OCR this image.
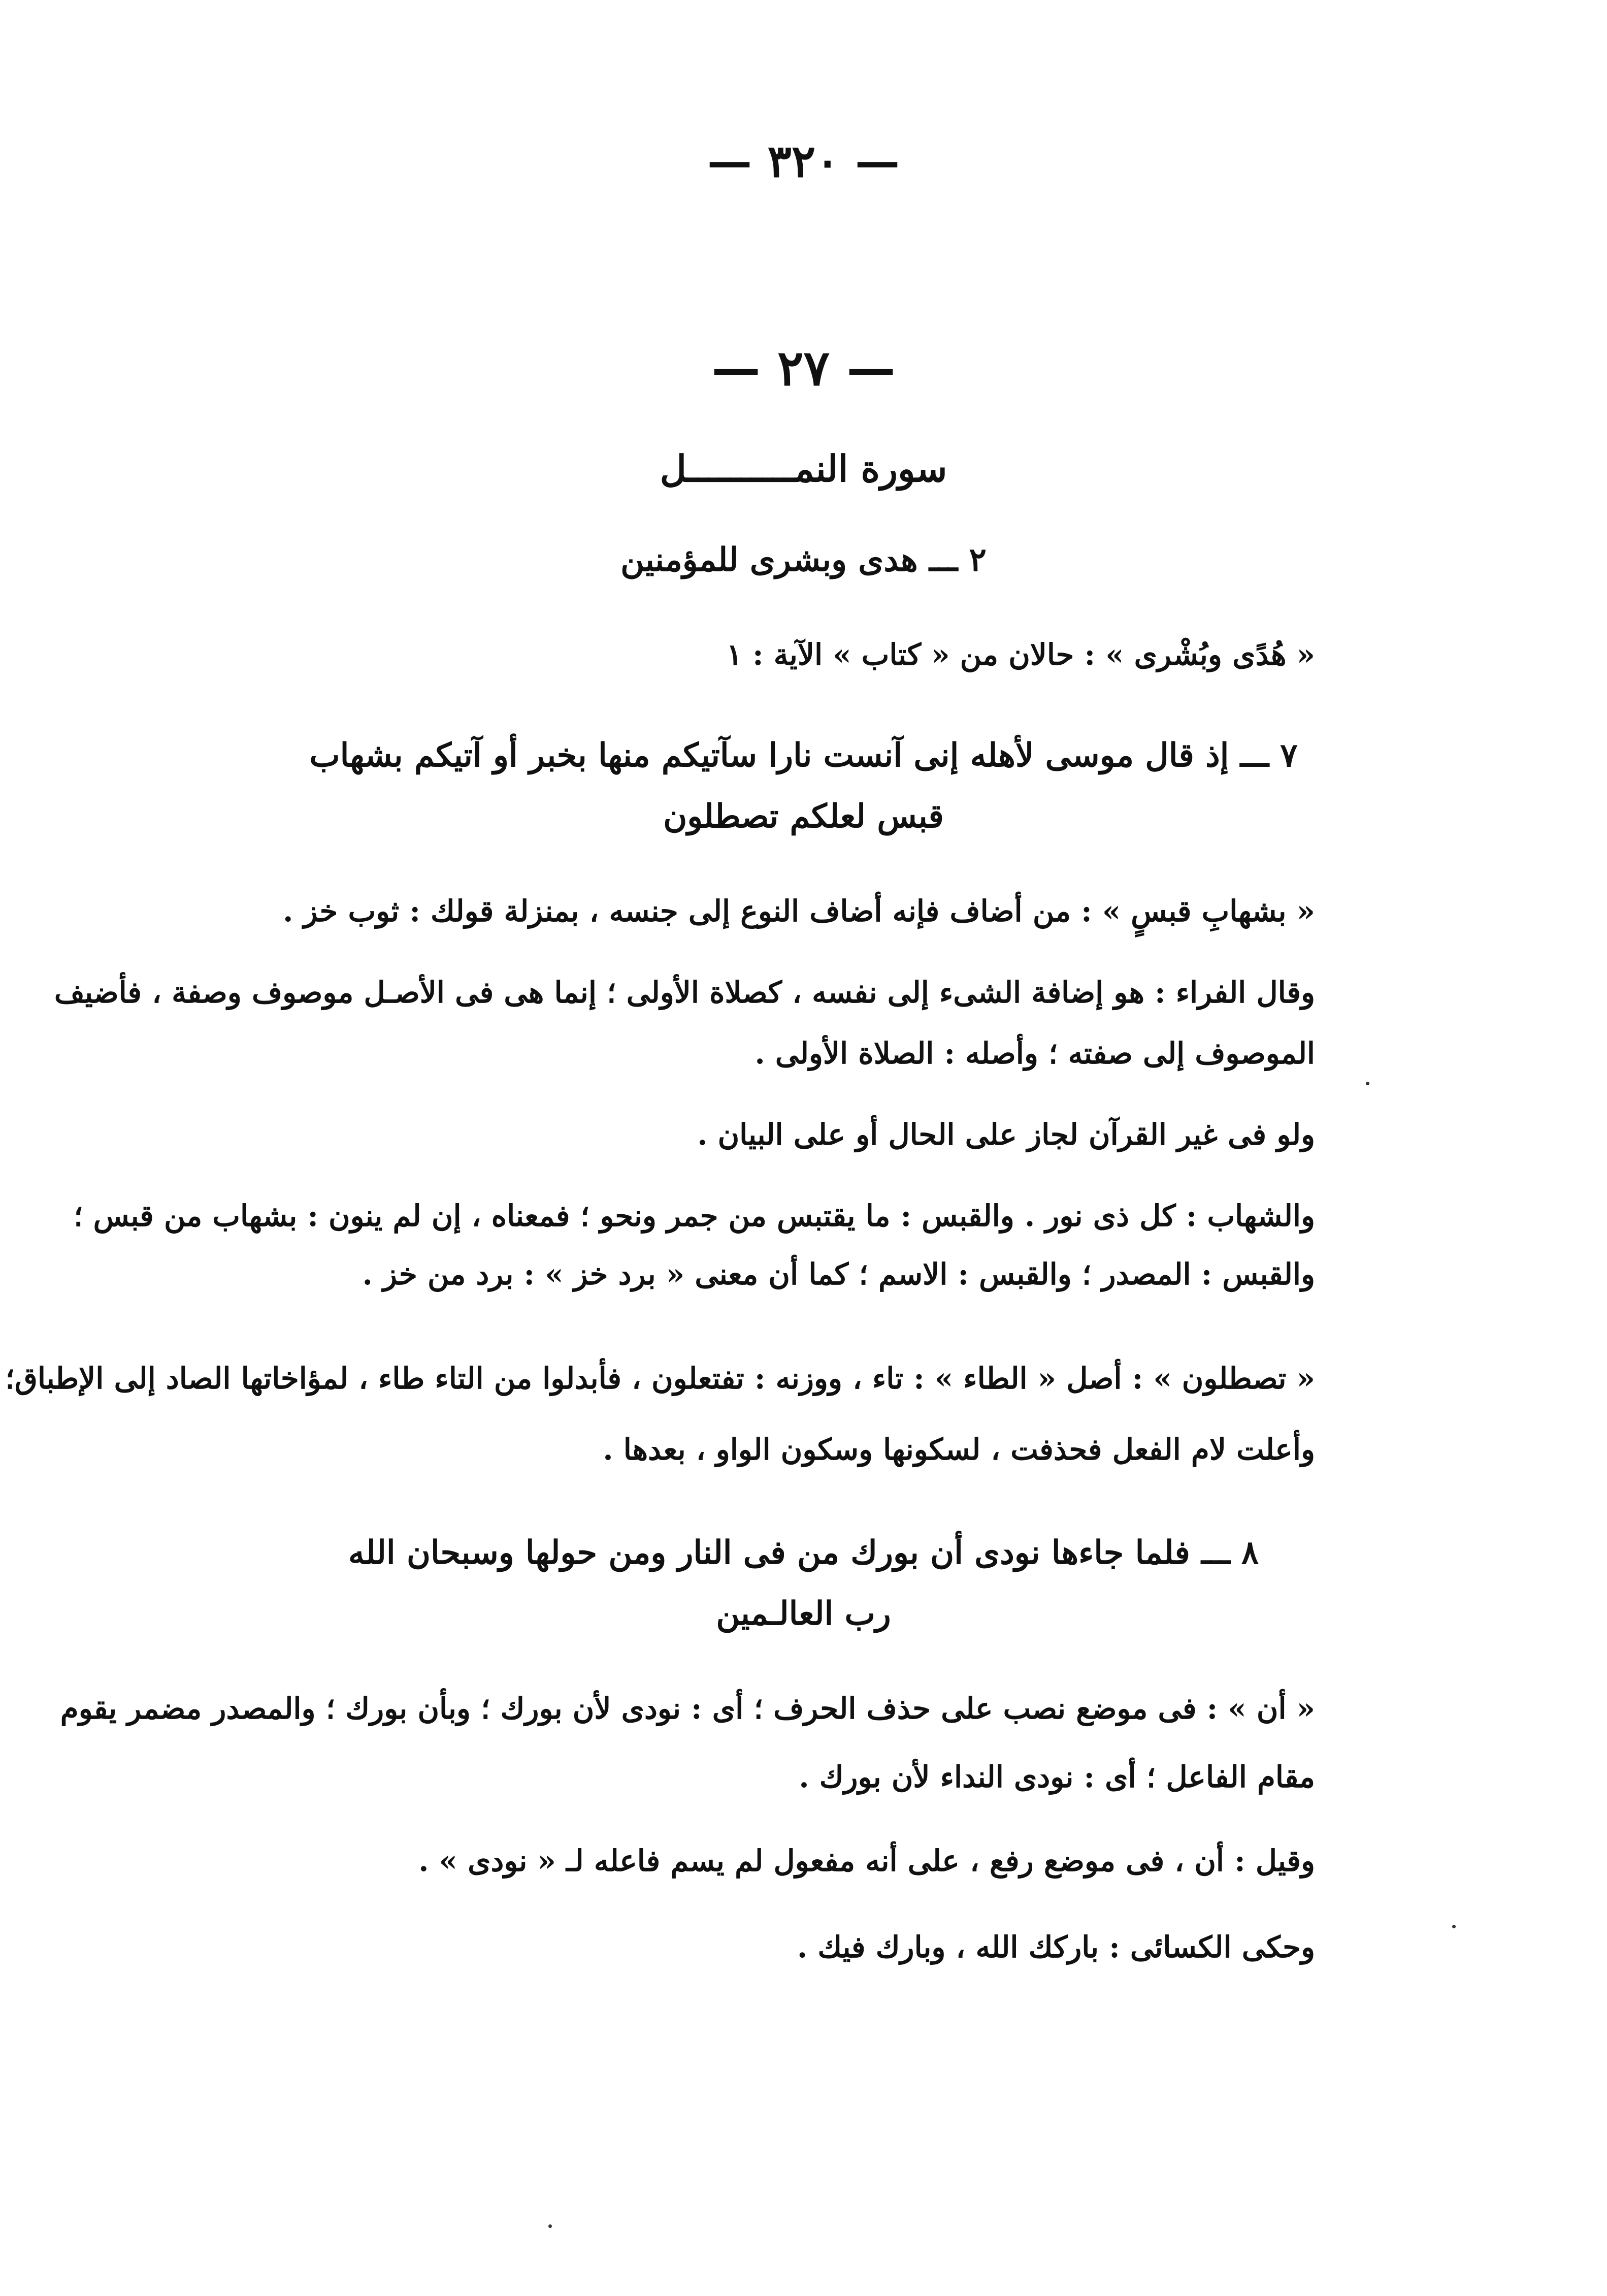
— ٣٢٠ —
— ٢٧ —
سورة النمــــــــــل
٢ ـــ هدى وبشرى للمؤمنين
« هُدًى وبُشْرى » : حالان من « كتاب » الآية : ١
٧ ـــ إذ قال موسى لأهله إنى آنست نارا سآتيكم منها بخبر أو آتيكم بشهاب
قبس لعلكم تصطلون
« بشهابِ قبسٍ » : من أضاف فإنه أضاف النوع إلى جنسه ، بمنزلة قولك : ثوب خز .
وقال الفراء : هو إضافة الشىء إلى نفسه ، كصلاة الأولى ؛ إنما هى فى الأصـل موصوف وصفة ، فأضيف
الموصوف إلى صفته ؛ وأصله : الصلاة الأولى .
ولو فى غير القرآن لجاز على الحال أو على البيان .
والشهاب : كل ذى نور . والقبس : ما يقتبس من جمر ونحو ؛ فمعناه ، إن لم ينون : بشهاب من قبس ؛
والقبس : المصدر ؛ والقبس : الاسم ؛ كما أن معنى « برد خز » : برد من خز .
« تصطلون » : أصل « الطاء » : تاء ، ووزنه : تفتعلون ، فأبدلوا من التاء طاء ، لمؤاخاتها الصاد إلى الإطباق؛
وأعلت لام الفعل فحذفت ، لسكونها وسكون الواو ، بعدها .
٨ ـــ فلما جاءها نودى أن بورك من فى النار ومن حولها وسبحان الله
رب العالـمين
« أن » : فى موضع نصب على حذف الحرف ؛ أى : نودى لأن بورك ؛ وبأن بورك ؛ والمصدر مضمر يقوم
مقام الفاعل ؛ أى : نودى النداء لأن بورك .
وقيل : أن ، فى موضع رفع ، على أنه مفعول لم يسم فاعله لـ « نودى » .
وحكى الكسائى : باركك الله ، وبارك فيك .
